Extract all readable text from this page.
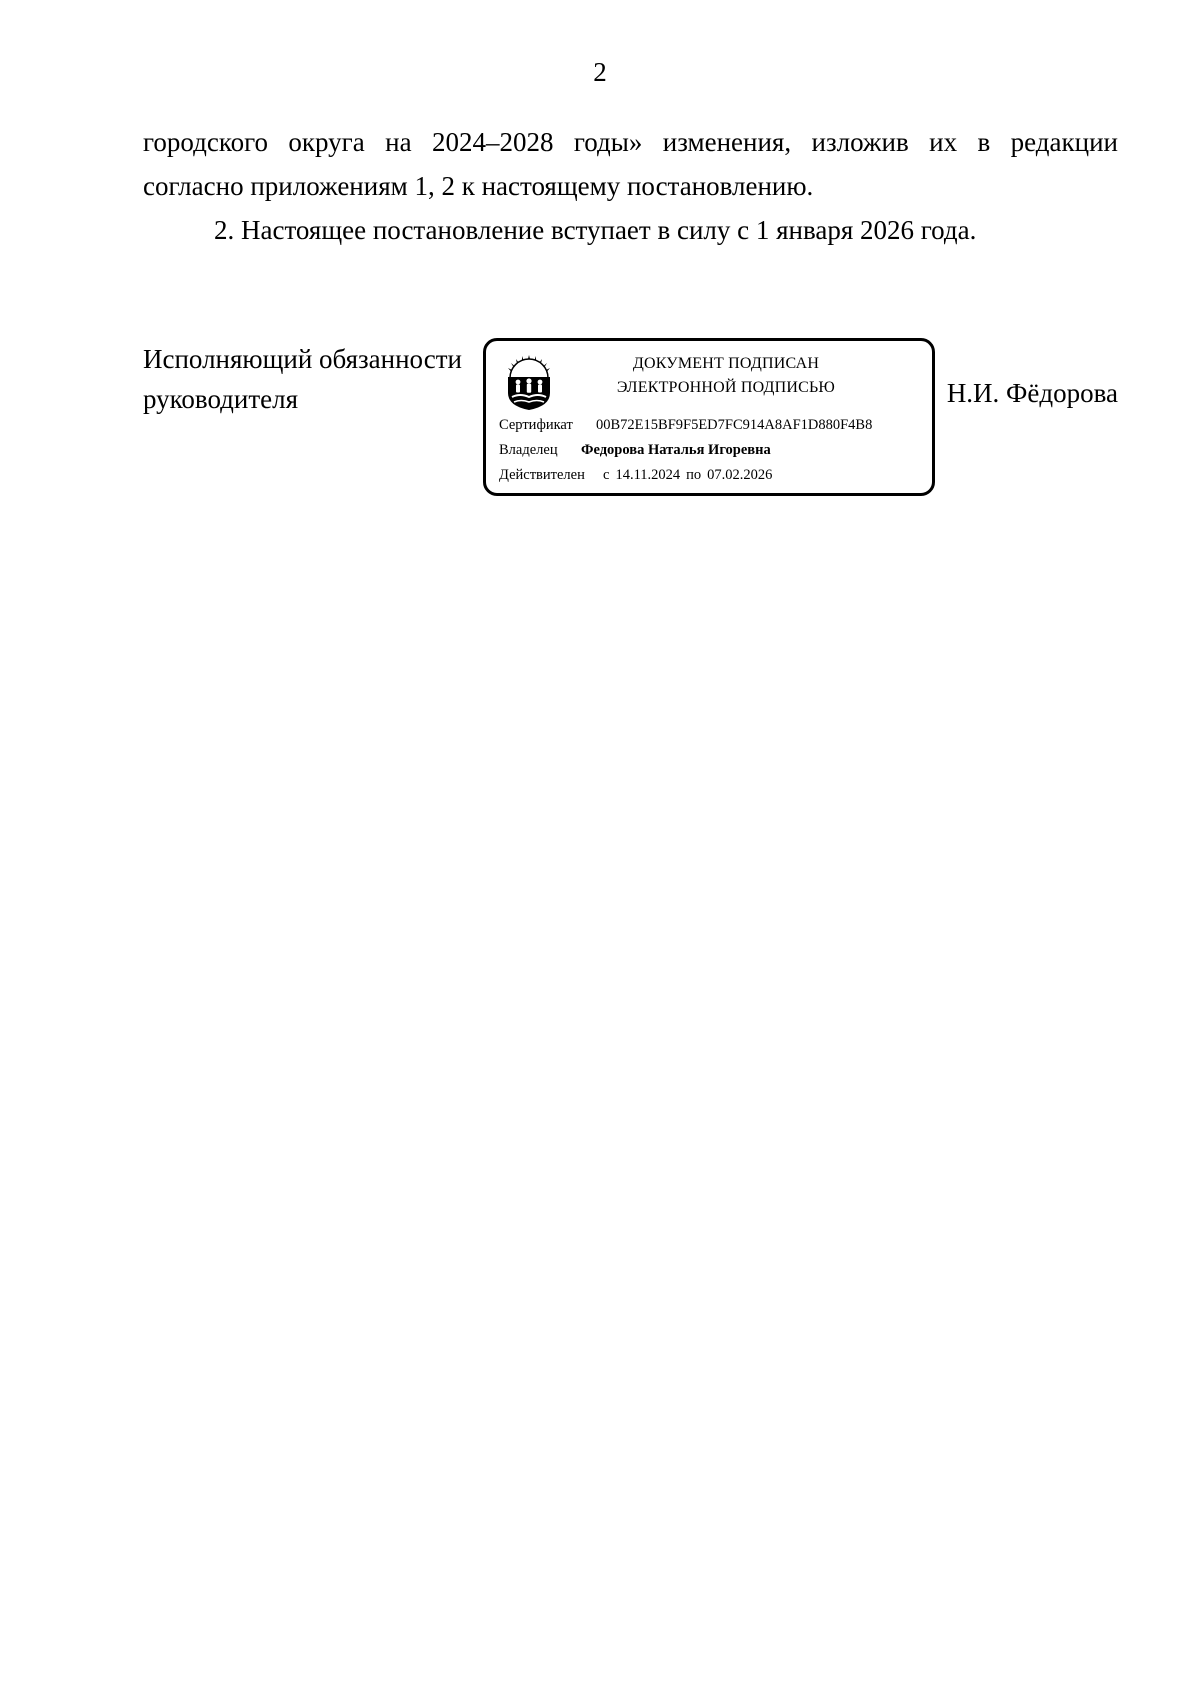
2

городского округа на 2024–2028 годы» изменения, изложив их в редакции
согласно приложениям 1, 2 к настоящему постановлению.

2. Настоящее постановление вступает в силу с 1 января 2026 года.

Исполняющий обязанности
руководителя	Н.И. Фёдорова
ДОКУМЕНТ ПОДПИСАН
ЭЛЕКТРОННОЙ ПОДПИСЬЮ
Сертификат 00B72E15BF9F5ED7FC914A8AF1D880F4B8
Владелец Федорова Наталья Игоревна
Действителен с 14.11.2024 по 07.02.2026
